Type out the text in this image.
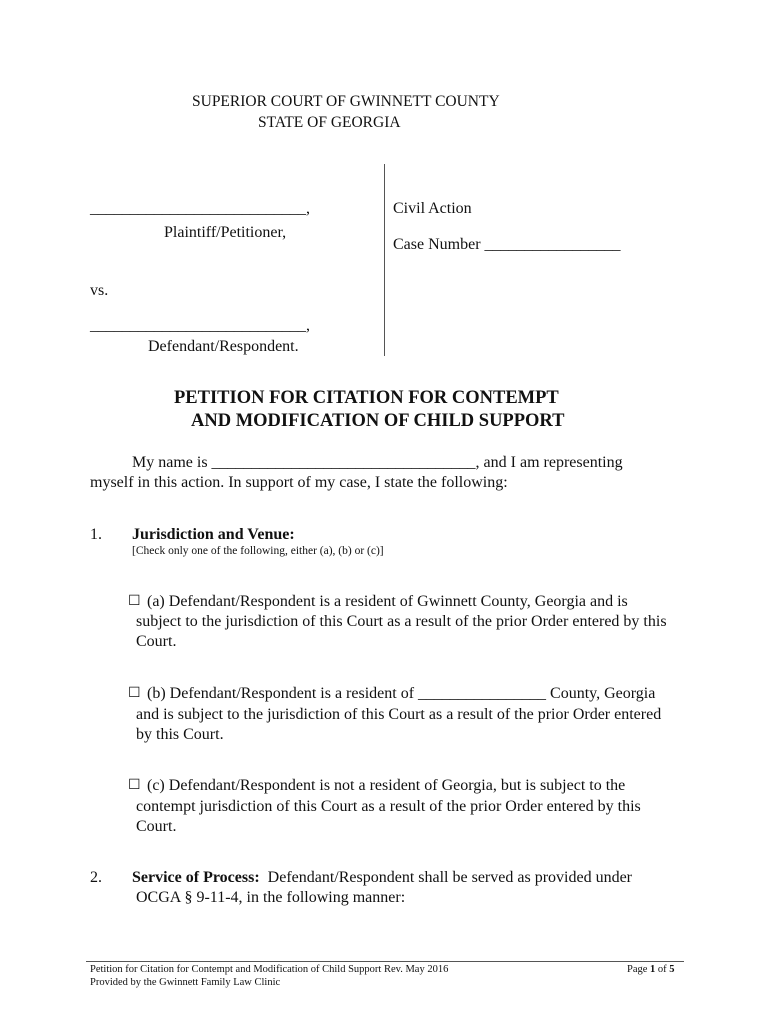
SUPERIOR COURT OF GWINNETT COUNTY
STATE OF GEORGIA
___________________________,
Plaintiff/Petitioner,
vs.
___________________________,
Defendant/Respondent.
Civil Action
Case Number _________________
PETITION FOR CITATION FOR CONTEMPT
AND MODIFICATION OF CHILD SUPPORT
My name is _________________________________, and I am representing
myself in this action. In support of my case, I state the following:
1. Jurisdiction and Venue:
[Check only one of the following, either (a), (b) or (c)]
☐ (a) Defendant/Respondent is a resident of Gwinnett County, Georgia and is
subject to the jurisdiction of this Court as a result of the prior Order entered by this
Court.
☐ (b) Defendant/Respondent is a resident of ________________ County, Georgia
and is subject to the jurisdiction of this Court as a result of the prior Order entered
by this Court.
☐ (c) Defendant/Respondent is not a resident of Georgia, but is subject to the
contempt jurisdiction of this Court as a result of the prior Order entered by this
Court.
2. Service of Process: Defendant/Respondent shall be served as provided under
OCGA § 9-11-4, in the following manner:
Petition for Citation for Contempt and Modification of Child Support Rev. May 2016
Provided by the Gwinnett Family Law Clinic
Page 1 of 5
